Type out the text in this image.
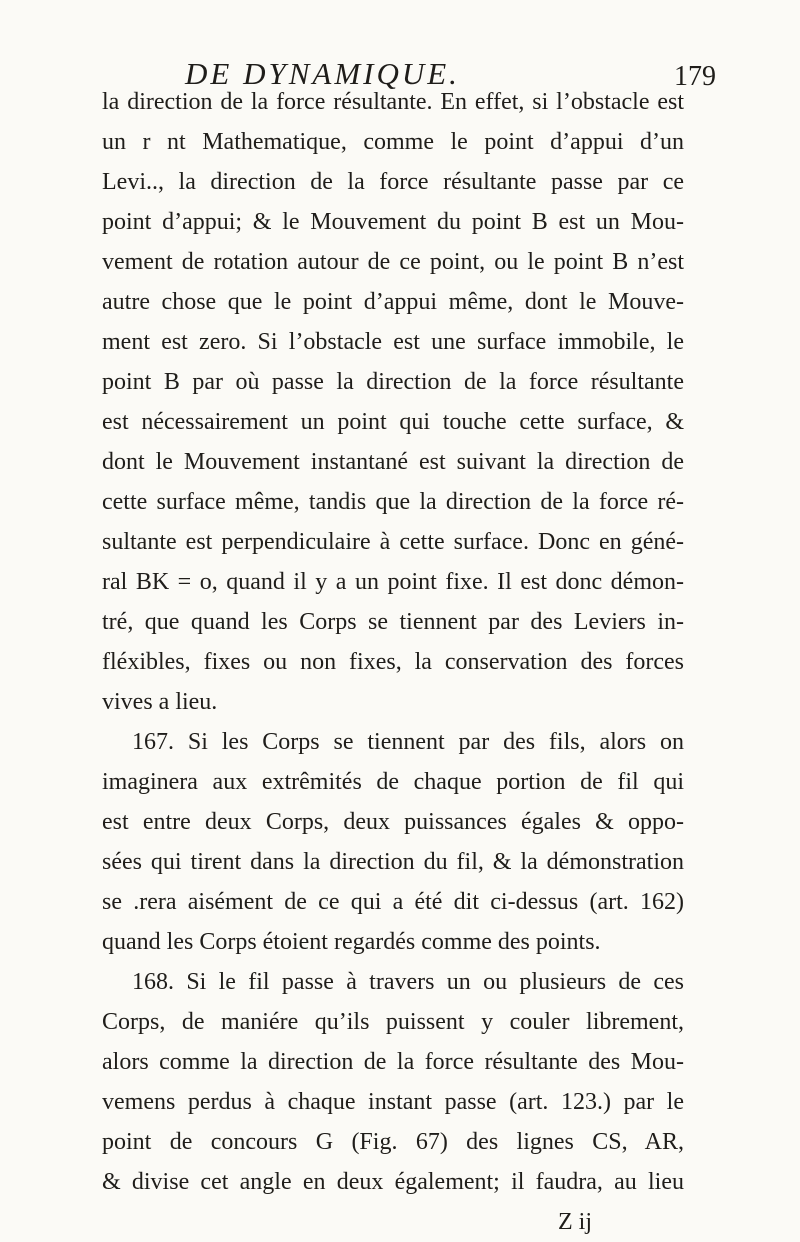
DE DYNAMIQUE.	179
la direction de la force résultante. En effet, si l’obstacle est
un r nt Mathematique, comme le point d’appui d’un
Levi.., la direction de la force résultante passe par ce
point d’appui; & le Mouvement du point B est un Mou-
vement de rotation autour de ce point, ou le point B n’est
autre chose que le point d’appui même, dont le Mouve-
ment est zero. Si l’obstacle est une surface immobile, le
point B par où passe la direction de la force résultante
est nécessairement un point qui touche cette surface, &
dont le Mouvement instantané est suivant la direction de
cette surface même, tandis que la direction de la force ré-
sultante est perpendiculaire à cette surface. Donc en géné-
ral BK = o, quand il y a un point fixe. Il est donc démon-
tré, que quand les Corps se tiennent par des Leviers in-
fléxibles, fixes ou non fixes, la conservation des forces
vives a lieu.
167. Si les Corps se tiennent par des fils, alors on
imaginera aux extrêmités de chaque portion de fil qui
est entre deux Corps, deux puissances égales & oppo-
sées qui tirent dans la direction du fil, & la démonstration
se .rera aisément de ce qui a été dit ci-dessus (art. 162)
quand les Corps étoient regardés comme des points.
168. Si le fil passe à travers un ou plusieurs de ces
Corps, de maniére qu’ils puissent y couler librement,
alors comme la direction de la force résultante des Mou-
vemens perdus à chaque instant passe (art. 123.) par le
point de concours G (Fig. 67) des lignes CS, AR,
& divise cet angle en deux également; il faudra, au lieu
Z ij
